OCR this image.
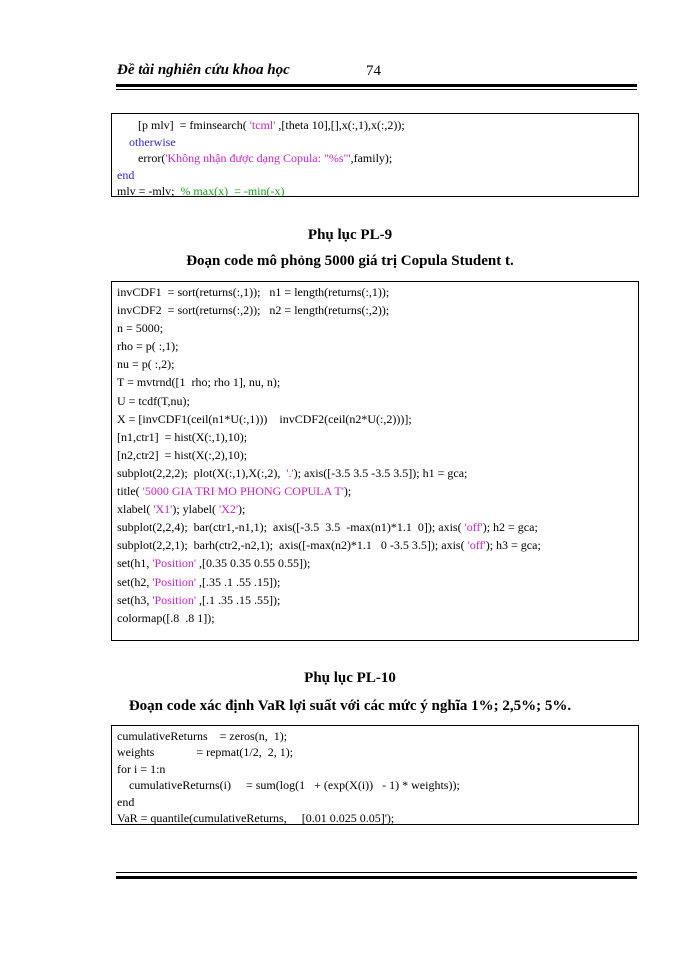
Đề tài nghiên cứu khoa học	74
[p mlv]  = fminsearch( 'tcml' ,[theta 10],[],x(:,1),x(:,2));
otherwise
error('Không nhận được dạng Copula: "%s"',family);
end
mlv = -mlv;  % max(x)  = -min(-x)
Phụ lục PL-9
Đoạn code mô phỏng 5000 giá trị Copula Student t.
invCDF1  = sort(returns(:,1));   n1 = length(returns(:,1));
invCDF2  = sort(returns(:,2));   n2 = length(returns(:,2));
n = 5000;
rho = p( :,1);
nu = p( :,2);
T = mvtrnd([1  rho; rho 1], nu, n);
U = tcdf(T,nu);
X = [invCDF1(ceil(n1*U(:,1)))    invCDF2(ceil(n2*U(:,2)))];
[n1,ctr1]  = hist(X(:,1),10);
[n2,ctr2]  = hist(X(:,2),10);
subplot(2,2,2);  plot(X(:,1),X(:,2),  '.'); axis([-3.5 3.5 -3.5 3.5]); h1 = gca;
title( '5000 GIA TRI MO PHONG COPULA T');
xlabel( 'X1'); ylabel( 'X2');
subplot(2,2,4);  bar(ctr1,-n1,1);  axis([-3.5  3.5  -max(n1)*1.1  0]); axis( 'off'); h2 = gca;
subplot(2,2,1);  barh(ctr2,-n2,1);  axis([-max(n2)*1.1   0 -3.5 3.5]); axis( 'off'); h3 = gca;
set(h1, 'Position' ,[0.35 0.35 0.55 0.55]);
set(h2, 'Position' ,[.35 .1 .55 .15]);
set(h3, 'Position' ,[.1 .35 .15 .55]);
colormap([.8  .8 1]);
Phụ lục PL-10
Đoạn code xác định VaR lợi suất với các mức ý nghĩa 1%; 2,5%; 5%.
cumulativeReturns    = zeros(n,  1);
weights              = repmat(1/2,  2, 1);
for i = 1:n
cumulativeReturns(i)     = sum(log(1   + (exp(X(i))   - 1) * weights));
end
VaR = quantile(cumulativeReturns,     [0.01 0.025 0.05]');
